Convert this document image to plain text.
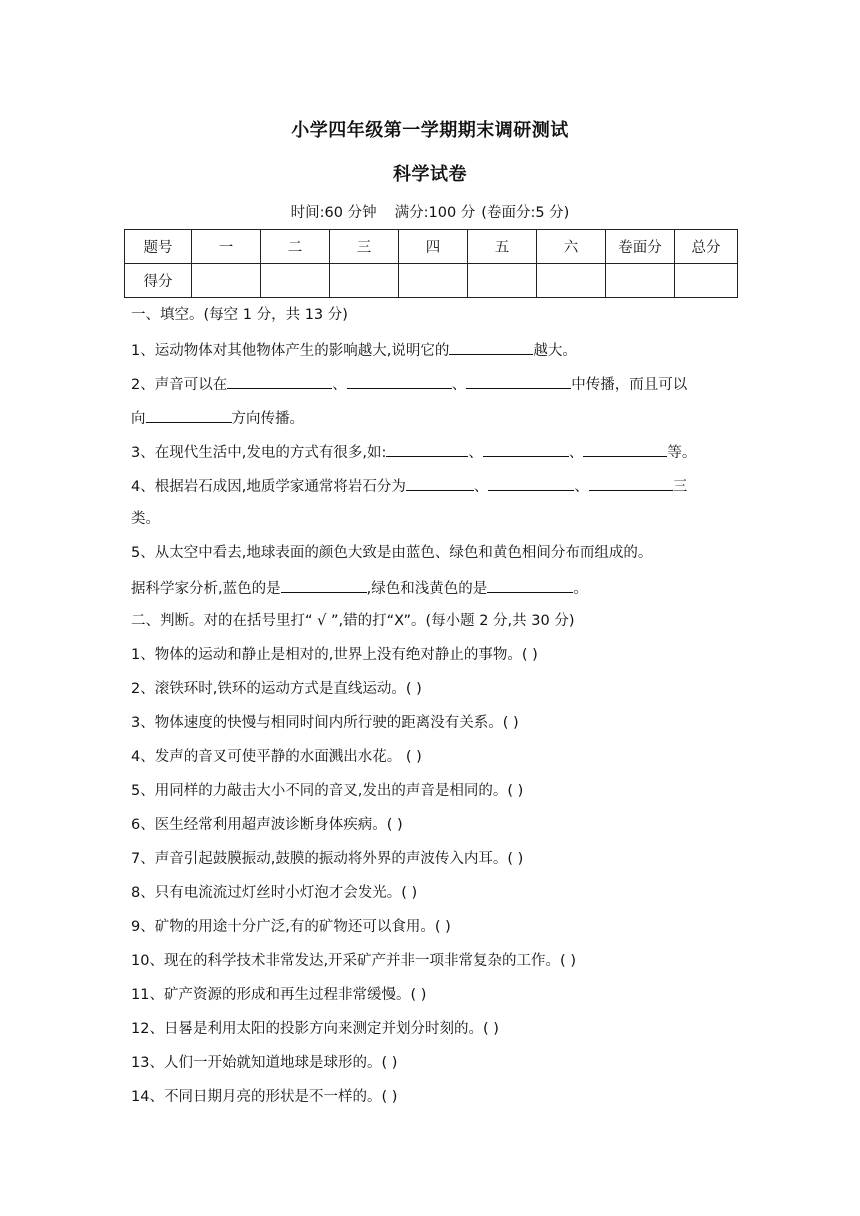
小学四年级第一学期期末调研测试
科学试卷
时间:60 分钟 满分:100 分 (卷面分:5 分)
题号	一	二	三	四	五	六	卷面分	总分
得分								
一、填空。(每空 1 分，共 13 分)
1、运动物体对其他物体产生的影响越大,说明它的	越大。
2、声音可以在	、	、	中传播，而且可以
向	方向传播。
3、在现代生活中,发电的方式有很多,如:	、	、	等。
4、根据岩石成因,地质学家通常将岩石分为	、	、	三
类。
5、从太空中看去,地球表面的颜色大致是由蓝色、绿色和黄色相间分布而组成的。
据科学家分析,蓝色的是	,绿色和浅黄色的是	。
二、判断。对的在括号里打“ √ ”,错的打“X”。(每小题 2 分,共 30 分)
1、物体的运动和静止是相对的,世界上没有绝对静止的事物。( )
2、滚铁环时,铁环的运动方式是直线运动。( )
3、物体速度的快慢与相同时间内所行驶的距离没有关系。( )
4、发声的音叉可使平静的水面溅出水花。 ( )
5、用同样的力敲击大小不同的音叉,发出的声音是相同的。( )
6、医生经常利用超声波诊断身体疾病。( )
7、声音引起鼓膜振动,鼓膜的振动将外界的声波传入内耳。( )
8、只有电流流过灯丝时小灯泡才会发光。( )
9、矿物的用途十分广泛,有的矿物还可以食用。( )
10、现在的科学技术非常发达,开采矿产并非一项非常复杂的工作。( )
11、矿产资源的形成和再生过程非常缓慢。( )
12、日晷是利用太阳的投影方向来测定并划分时刻的。( )
13、人们一开始就知道地球是球形的。( )
14、不同日期月亮的形状是不一样的。( )
